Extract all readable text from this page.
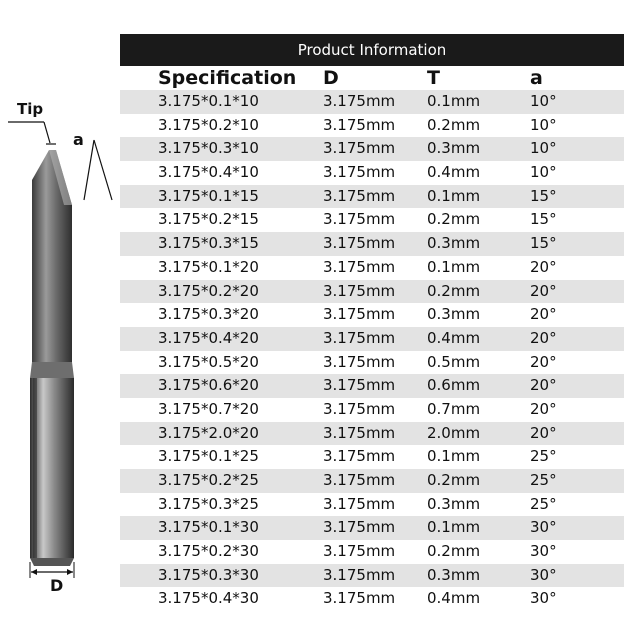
Tip
a
D
Product Information
Specification D	T	a
3.175*0.1*10	3.175mm 0.1mm	10°
3.175*0.2*10	3.175mm 0.2mm	10°
3.175*0.3*10	3.175mm 0.3mm	10°
3.175*0.4*10	3.175mm 0.4mm	10°
3.175*0.1*15	3.175mm 0.1mm	15°
3.175*0.2*15	3.175mm 0.2mm	15°
3.175*0.3*15	3.175mm 0.3mm	15°
3.175*0.1*20	3.175mm 0.1mm	20°
3.175*0.2*20	3.175mm 0.2mm	20°
3.175*0.3*20	3.175mm 0.3mm	20°
3.175*0.4*20	3.175mm 0.4mm	20°
3.175*0.5*20	3.175mm 0.5mm	20°
3.175*0.6*20	3.175mm 0.6mm	20°
3.175*0.7*20	3.175mm 0.7mm	20°
3.175*2.0*20	3.175mm 2.0mm	20°
3.175*0.1*25	3.175mm 0.1mm	25°
3.175*0.2*25	3.175mm 0.2mm	25°
3.175*0.3*25	3.175mm 0.3mm	25°
3.175*0.1*30	3.175mm 0.1mm	30°
3.175*0.2*30	3.175mm 0.2mm	30°
3.175*0.3*30	3.175mm 0.3mm	30°
3.175*0.4*30	3.175mm 0.4mm	30°
